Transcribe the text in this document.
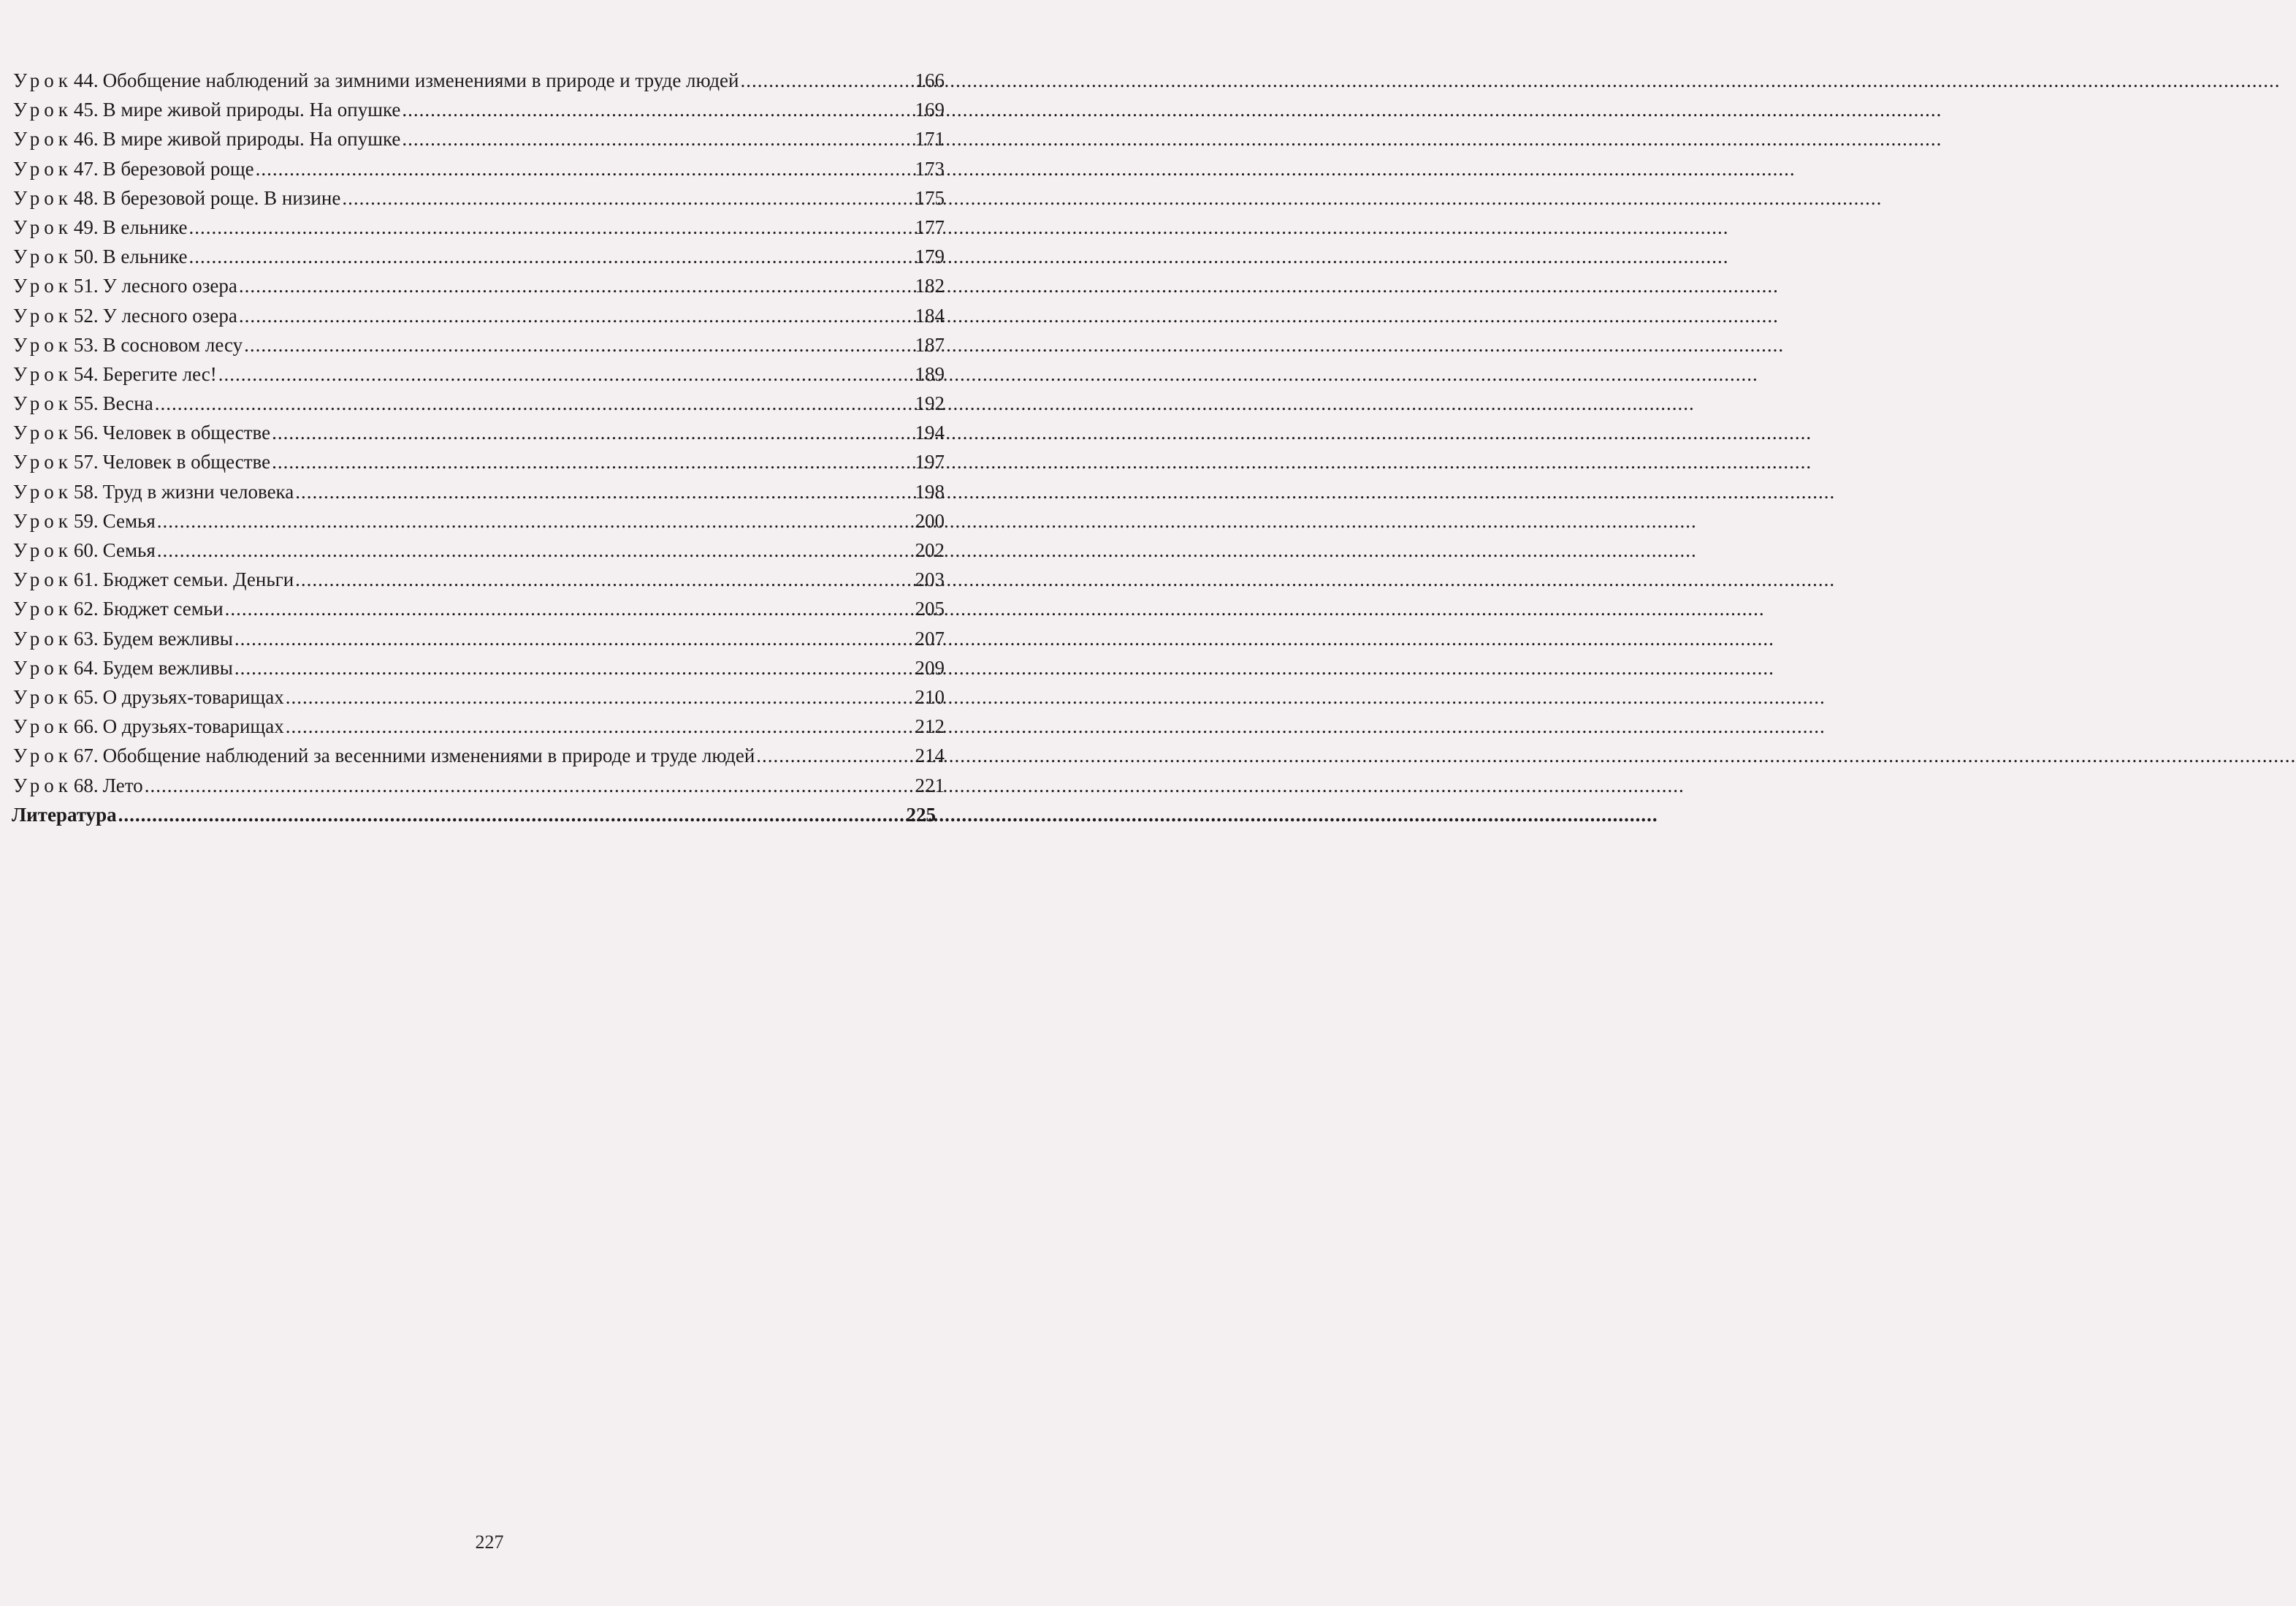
Урок 44. Обобщение наблюдений за зимними изменениями в природе и труде людей .....	166
Урок 45. В мире живой природы. На опушке .....	169
Урок 46. В мире живой природы. На опушке .....	171
Урок 47. В березовой роще .....	173
Урок 48. В березовой роще. В низине .....	175
Урок 49. В ельнике .....	177
Урок 50. В ельнике .....	179
Урок 51. У лесного озера .....	182
Урок 52. У лесного озера .....	184
Урок 53. В сосновом лесу .....	187
Урок 54. Берегите лес! .....	189
Урок 55. Весна .....	192
Урок 56. Человек в обществе .....	194
Урок 57. Человек в обществе .....	197
Урок 58. Труд в жизни человека .....	198
Урок 59. Семья .....	200
Урок 60. Семья .....	202
Урок 61. Бюджет семьи. Деньги .....	203
Урок 62. Бюджет семьи .....	205
Урок 63. Будем вежливы .....	207
Урок 64. Будем вежливы .....	209
Урок 65. О друзьях-товарищах .....	210
Урок 66. О друзьях-товарищах .....	212
Урок 67. Обобщение наблюдений за весенними изменениями в природе и труде людей .....	214
Урок 68. Лето .....	221
Литература .....	225
227
